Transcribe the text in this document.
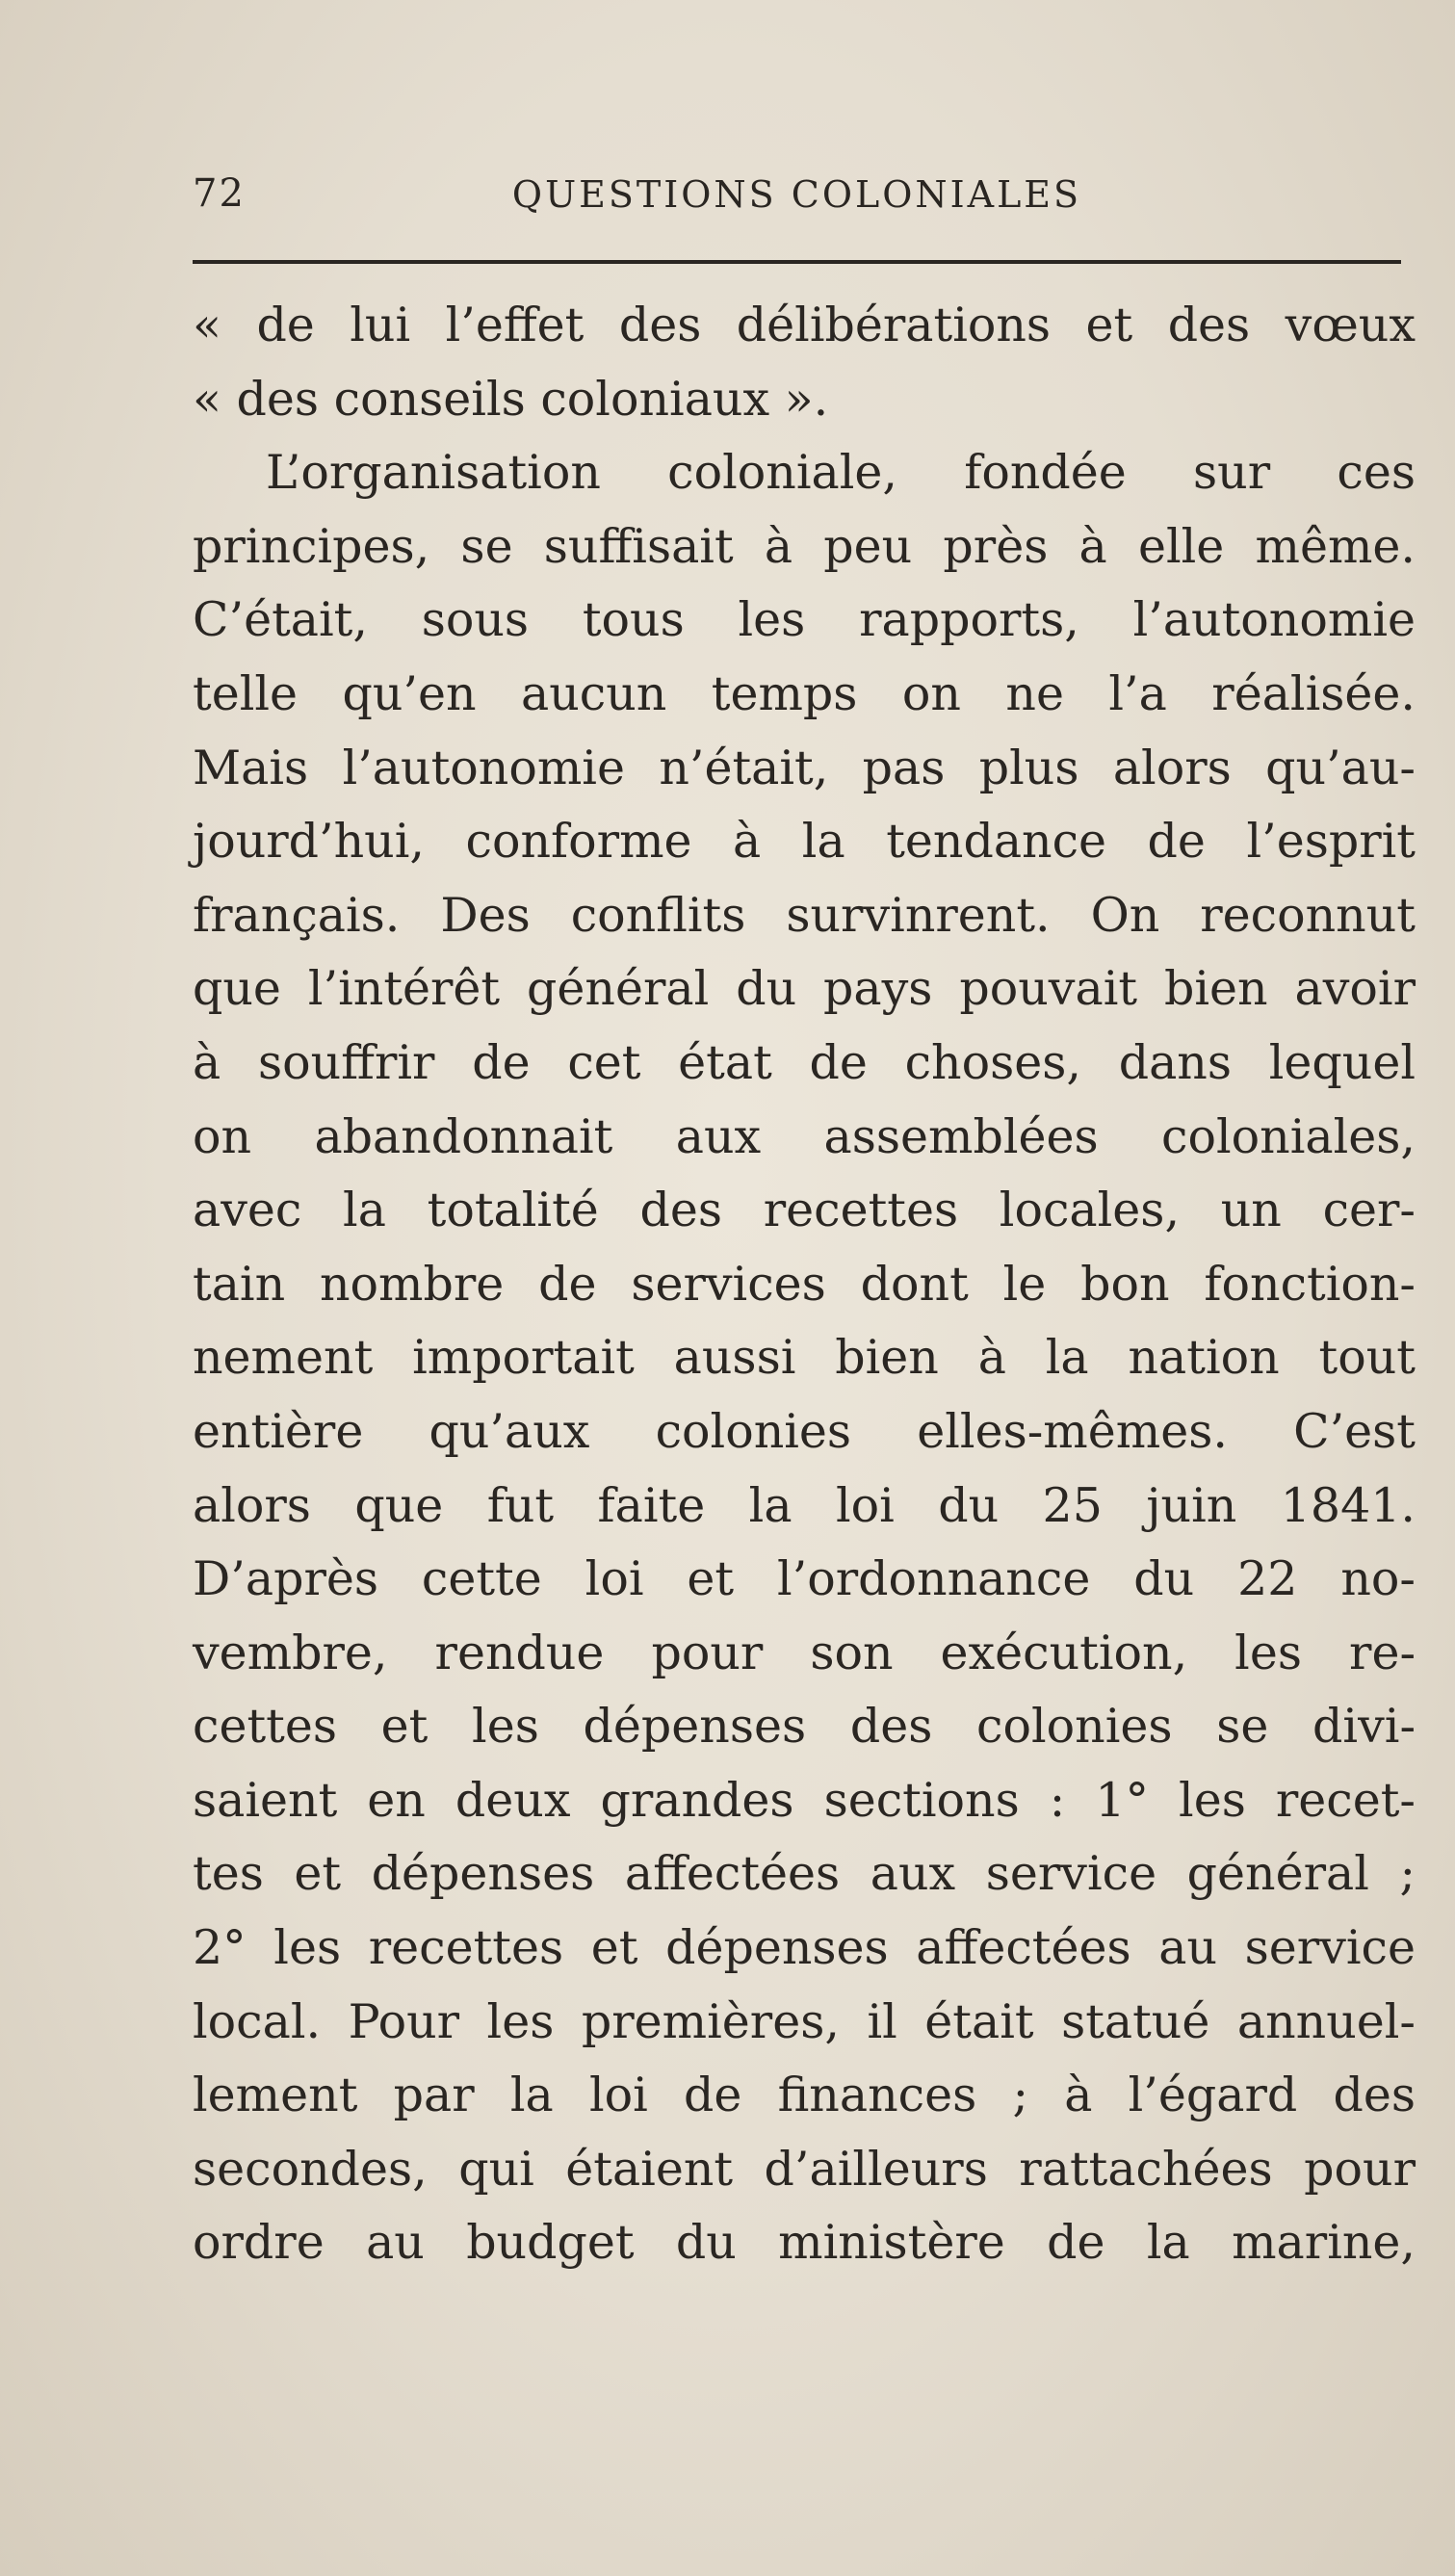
72	QUESTIONS COLONIALES
« de lui l’effet des délibérations et des vœux
« des conseils coloniaux ».
L’organisation coloniale, fondée sur ces
principes, se suffisait à peu près à elle même.
C’était, sous tous les rapports, l’autonomie
telle qu’en aucun temps on ne l’a réalisée.
Mais l’autonomie n’était, pas plus alors qu’au-
jourd’hui, conforme à la tendance de l’esprit
français. Des conflits survinrent. On reconnut
que l’intérêt général du pays pouvait bien avoir
à souffrir de cet état de choses, dans lequel
on abandonnait aux assemblées coloniales,
avec la totalité des recettes locales, un cer-
tain nombre de services dont le bon fonction-
nement importait aussi bien à la nation tout
entière qu’aux colonies elles-mêmes. C’est
alors que fut faite la loi du 25 juin 1841.
D’après cette loi et l’ordonnance du 22 no-
vembre, rendue pour son exécution, les re-
cettes et les dépenses des colonies se divi-
saient en deux grandes sections : 1° les recet-
tes et dépenses affectées aux service général ;
2° les recettes et dépenses affectées au service
local. Pour les premières, il était statué annuel-
lement par la loi de finances ; à l’égard des
secondes, qui étaient d’ailleurs rattachées pour
ordre au budget du ministère de la marine,
